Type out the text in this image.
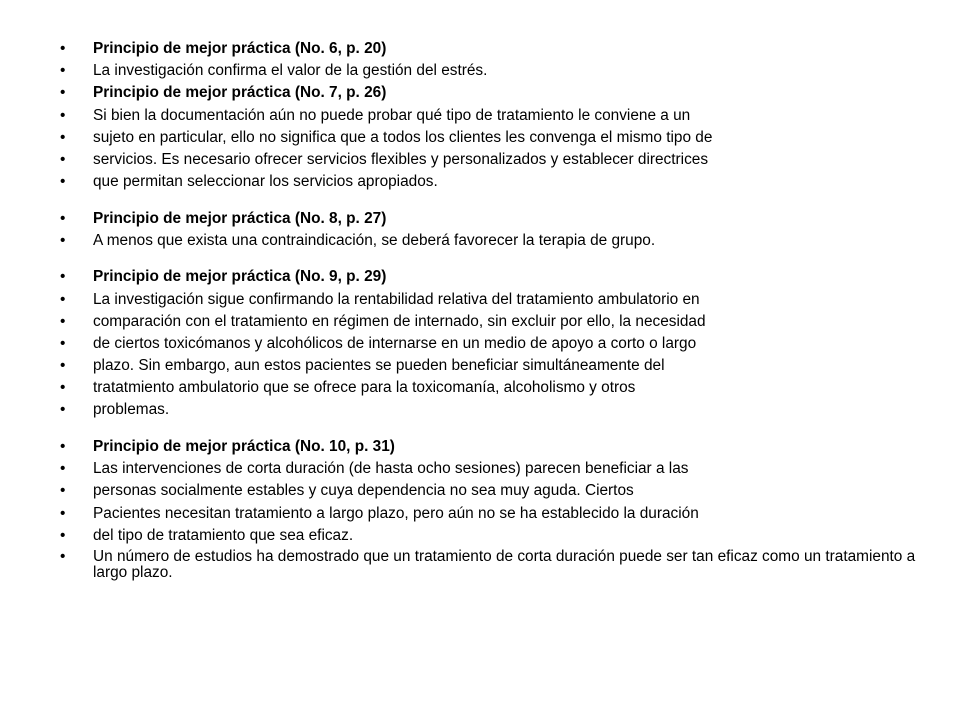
• Principio de mejor práctica (No. 6, p. 20)
• La investigación confirma el valor de la gestión del estrés.
• Principio de mejor práctica (No. 7, p. 26)
• Si bien la documentación aún no puede probar qué tipo de tratamiento le conviene a un
• sujeto en particular, ello no significa que a todos los clientes les convenga el mismo tipo de
• servicios. Es necesario ofrecer servicios flexibles y personalizados y establecer directrices
• que permitan seleccionar los servicios apropiados.
• Principio de mejor práctica (No. 8, p. 27)
• A menos que exista una contraindicación, se deberá favorecer la terapia de grupo.
• Principio de mejor práctica (No. 9, p. 29)
• La investigación sigue confirmando la rentabilidad relativa del tratamiento ambulatorio en
• comparación con el tratamiento en régimen de internado, sin excluir por ello, la necesidad
• de ciertos toxicómanos y alcohólicos de internarse en un medio de apoyo a corto o largo
• plazo. Sin embargo, aun estos pacientes se pueden beneficiar simultáneamente del
• tratatmiento ambulatorio que se ofrece para la toxicomanía, alcoholismo y otros
• problemas.
• Principio de mejor práctica (No. 10, p. 31)
• Las intervenciones de corta duración (de hasta ocho sesiones) parecen beneficiar a las
• personas socialmente estables y cuya dependencia no sea muy aguda. Ciertos
• Pacientes necesitan tratamiento a largo plazo, pero aún no se ha establecido la duración
• del tipo de tratamiento que sea eficaz.
• Un número de estudios ha demostrado que un tratamiento de corta duración puede ser tan eficaz como un tratamiento a largo plazo.
